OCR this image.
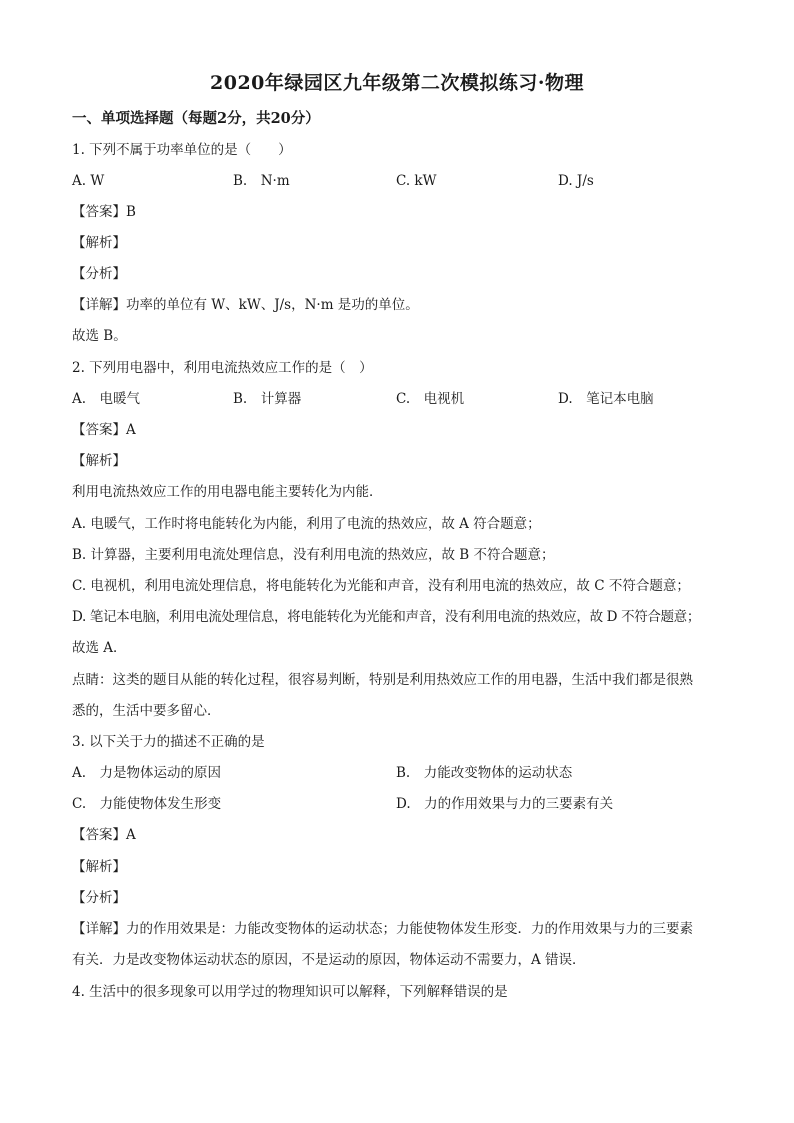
2020年绿园区九年级第二次模拟练习·物理
一、单项选择题（每题2分，共20分）
1. 下列不属于功率单位的是（　　）
A. W	B.　N·m	C. kW	D. J/s
【答案】B
【解析】
【分析】
【详解】功率的单位有 W、kW、J/s，N·m 是功的单位。
故选 B。
2. 下列用电器中，利用电流热效应工作的是（　）
A.　电暖气	B.　计算器	C.　电视机	D.　笔记本电脑
【答案】A
【解析】
利用电流热效应工作的用电器电能主要转化为内能．
A. 电暖气，工作时将电能转化为内能，利用了电流的热效应，故 A 符合题意；
B. 计算器，主要利用电流处理信息，没有利用电流的热效应，故 B 不符合题意；
C. 电视机，利用电流处理信息，将电能转化为光能和声音，没有利用电流的热效应，故 C 不符合题意；
D. 笔记本电脑，利用电流处理信息，将电能转化为光能和声音，没有利用电流的热效应，故 D 不符合题意；
故选 A．
点睛：这类的题目从能的转化过程，很容易判断，特别是利用热效应工作的用电器，生活中我们都是很熟
悉的，生活中要多留心．
3. 以下关于力的描述不正确的是
A.　力是物体运动的原因	B.　力能改变物体的运动状态
C.　力能使物体发生形变	D.　力的作用效果与力的三要素有关
【答案】A
【解析】
【分析】
【详解】力的作用效果是：力能改变物体的运动状态；力能使物体发生形变．力的作用效果与力的三要素
有关．力是改变物体运动状态的原因，不是运动的原因，物体运动不需要力，A 错误．
4. 生活中的很多现象可以用学过的物理知识可以解释，下列解释错误的是
